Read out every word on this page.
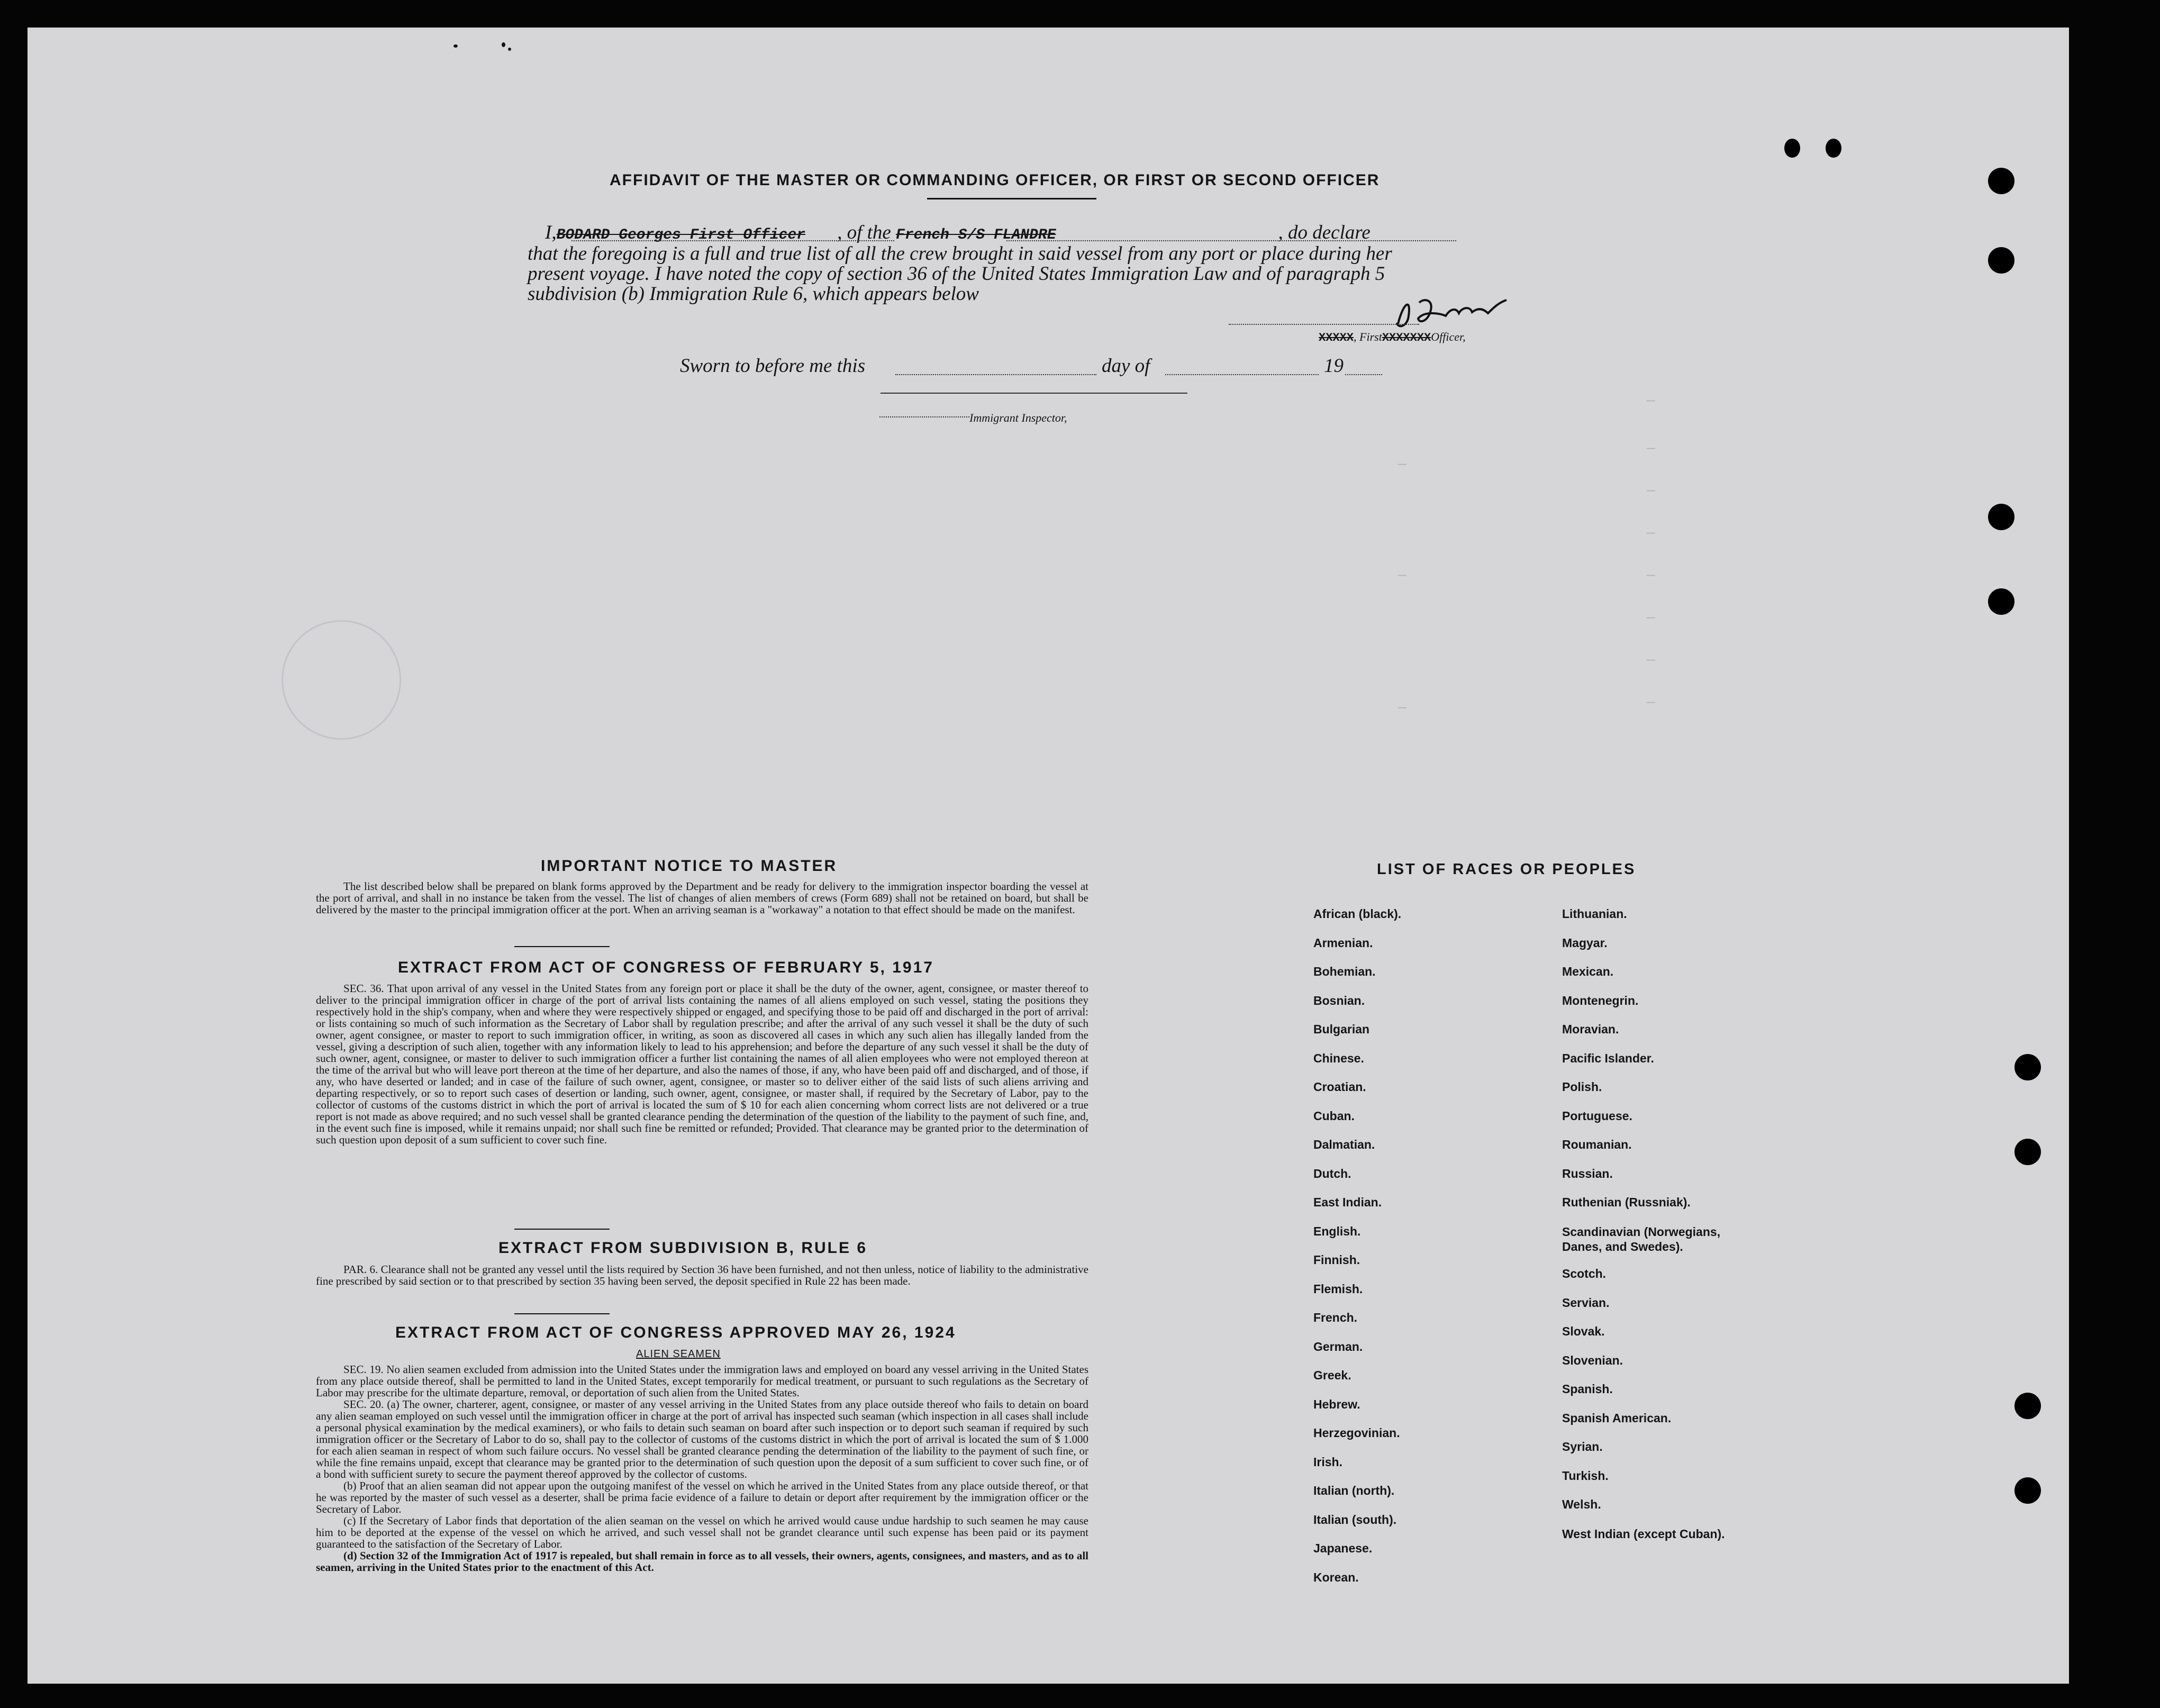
AFFIDAVIT OF THE MASTER OR COMMANDING OFFICER, OR FIRST OR SECOND OFFICER
I,BODARD Georges First Officer , of the French S/S FLANDRE	, do declare
that the foregoing is a full and true list of all the crew brought in said vessel from any port or place during her
present voyage. I have noted the copy of section 36 of the United States Immigration Law and of paragraph 5
subdivision (b) Immigration Rule 6, which appears below
XXXXX, FirstXXXXXXXOfficer,
Sworn to before me this	day of	19
Immigrant Inspector,
—
—
—
—
—
—
—
—
—
—
—
IMPORTANT NOTICE TO MASTER

The list described below shall be prepared on blank forms approved by the Department and be ready for delivery to the immigration inspector boarding the vessel at the port of arrival, and shall in no instance be taken from the vessel. The list of changes of alien members of crews (Form 689) shall not be retained on board, but shall be delivered by the master to the principal immigration officer at the port. When an arriving seaman is a "workaway" a notation to that effect should be made on the manifest.

EXTRACT FROM ACT OF CONGRESS OF FEBRUARY 5, 1917

SEC. 36. That upon arrival of any vessel in the United States from any foreign port or place it shall be the duty of the owner, agent, consignee, or master thereof to deliver to the principal immigration officer in charge of the port of arrival lists containing the names of all aliens employed on such vessel, stating the positions they respectively hold in the ship's company, when and where they were respectively shipped or engaged, and specifying those to be paid off and discharged in the port of arrival: or lists containing so much of such information as the Secretary of Labor shall by regulation prescribe; and after the arrival of any such vessel it shall be the duty of such owner, agent consignee, or master to report to such immigration officer, in writing, as soon as discovered all cases in which any such alien has illegally landed from the vessel, giving a description of such alien, together with any information likely to lead to his apprehension; and before the departure of any such vessel it shall be the duty of such owner, agent, consignee, or master to deliver to such immigration officer a further list containing the names of all alien employees who were not employed thereon at the time of the arrival but who will leave port thereon at the time of her departure, and also the names of those, if any, who have been paid off and discharged, and of those, if any, who have deserted or landed; and in case of the failure of such owner, agent, consignee, or master so to deliver either of the said lists of such aliens arriving and departing respectively, or so to report such cases of desertion or landing, such owner, agent, consignee, or master shall, if required by the Secretary of Labor, pay to the collector of customs of the customs district in which the port of arrival is located the sum of $ 10 for each alien concerning whom correct lists are not delivered or a true report is not made as above required; and no such vessel shall be granted clearance pending the determination of the question of the liability to the payment of such fine, and, in the event such fine is imposed, while it remains unpaid; nor shall such fine be remitted or refunded; Provided. That clearance may be granted prior to the determination of such question upon deposit of a sum sufficient to cover such fine.

EXTRACT FROM SUBDIVISION B, RULE 6

PAR. 6. Clearance shall not be granted any vessel until the lists required by Section 36 have been furnished, and not then unless, notice of liability to the administrative fine prescribed by said section or to that prescribed by section 35 having been served, the deposit specified in Rule 22 has been made.

EXTRACT FROM ACT OF CONGRESS APPROVED MAY 26, 1924
ALIEN SEAMEN

SEC. 19. No alien seamen excluded from admission into the United States under the immigration laws and employed on board any vessel arriving in the United States from any place outside thereof, shall be permitted to land in the United States, except temporarily for medical treatment, or pursuant to such regulations as the Secretary of Labor may prescribe for the ultimate departure, removal, or deportation of such alien from the United States.

SEC. 20. (a) The owner, charterer, agent, consignee, or master of any vessel arriving in the United States from any place outside thereof who fails to detain on board any alien seaman employed on such vessel until the immigration officer in charge at the port of arrival has inspected such seaman (which inspection in all cases shall include a personal physical examination by the medical examiners), or who fails to detain such seaman on board after such inspection or to deport such seaman if required by such immigration officer or the Secretary of Labor to do so, shall pay to the collector of customs of the customs district in which the port of arrival is located the sum of $ 1.000 for each alien seaman in respect of whom such failure occurs. No vessel shall be granted clearance pending the determination of the liability to the payment of such fine, or while the fine remains unpaid, except that clearance may be granted prior to the determination of such question upon the deposit of a sum sufficient to cover such fine, or of a bond with sufficient surety to secure the payment thereof approved by the collector of customs.

(b) Proof that an alien seaman did not appear upon the outgoing manifest of the vessel on which he arrived in the United States from any place outside thereof, or that he was reported by the master of such vessel as a deserter, shall be prima facie evidence of a failure to detain or deport after requirement by the immigration officer or the Secretary of Labor.

(c) If the Secretary of Labor finds that deportation of the alien seaman on the vessel on which he arrived would cause undue hardship to such seamen he may cause him to be deported at the expense of the vessel on which he arrived, and such vessel shall not be grandet clearance until such expense has been paid or its payment guaranteed to the satisfaction of the Secretary of Labor.

(d) Section 32 of the Immigration Act of 1917 is repealed, but shall remain in force as to all vessels, their owners, agents, consignees, and masters, and as to all seamen, arriving in the United States prior to the enactment of this Act.

LIST OF RACES OR PEOPLES
African (black).
Armenian.
Bohemian.
Bosnian.
Bulgarian
Chinese.
Croatian.
Cuban.
Dalmatian.
Dutch.
East Indian.
English.
Finnish.
Flemish.
French.
German.
Greek.
Hebrew.
Herzegovinian.
Irish.
Italian (north).
Italian (south).
Japanese.
Korean.
Lithuanian.
Magyar.
Mexican.
Montenegrin.
Moravian.
Pacific Islander.
Polish.
Portuguese.
Roumanian.
Russian.
Ruthenian (Russniak).
Scandinavian (Norwegians, Danes, and Swedes).
Scotch.
Servian.
Slovak.
Slovenian.
Spanish.
Spanish American.
Syrian.
Turkish.
Welsh.
West Indian (except Cuban).
